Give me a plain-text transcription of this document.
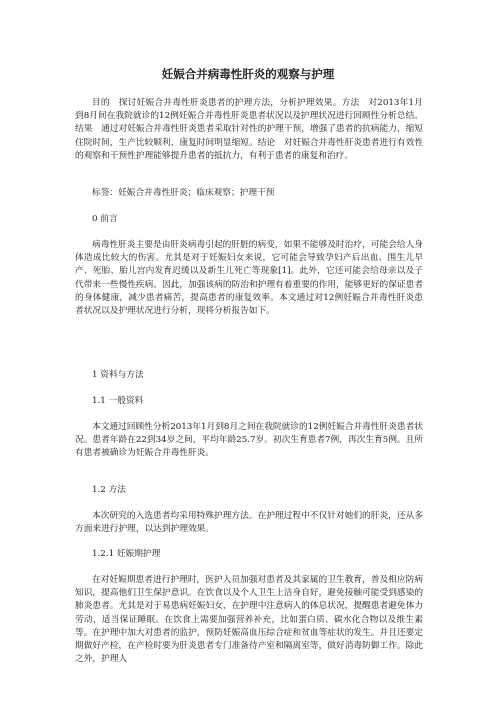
妊娠合并病毒性肝炎的观察与护理

目的　探讨妊娠合并毒性肝炎患者的护理方法，分析护理效果。方法　对2013年1月到8月间在我院就诊的12例妊娠合并毒性肝炎患者状况以及护理状况进行回顾性分析总结。结果　通过对妊娠合并毒性肝炎患者采取针对性的护理干预，增强了患者的抗病能力，缩短住院时间，生产比较顺利，康复时间明显缩短。结论　对妊娠合并毒性肝炎患者进行有效性的观察和干预性护理能够提升患者的抵抗力，有利于患者的康复和治疗。

标签：妊娠合并毒性肝炎；临床观察；护理干预

0 前言

病毒性肝炎主要是由肝炎病毒引起的肝脏的病变，如果不能够及时治疗，可能会给人身体造成比较大的伤害。尤其是对于妊娠妇女来说，它可能会导致孕妇产后出血、围生儿早产、死胎、胎儿宫内发育迟缓以及新生儿死亡等现象[1]。此外，它还可能会给母亲以及子代带来一些慢性疾病。因此，加强该病的防治和护理有着重要的作用，能够更好的保证患者的身体健康，减少患者痛苦，提高患者的康复效率。本文通过对12例妊娠合并毒性肝炎患者状况以及护理状况进行分析，现将分析报告如下。

1 资料与方法

1.1 一般资料

本文通过回顾性分析2013年1月到8月之间在我院就诊的12例妊娠合并毒性肝炎患者状况。患者年龄在22到34岁之间，平均年龄25.7岁。初次生育患者7例，再次生育5例。且所有患者被确诊为妊娠合并毒性肝炎。

1.2 方法

本次研究的入选患者均采用特殊护理方法。在护理过程中不仅针对她们的肝炎，还从多方面来进行护理，以达到护理效果。

1.2.1 妊娠期护理

在对妊娠期患者进行护理时，医护人员加强对患者及其家属的卫生教育，普及相应防病知识，提高他们卫生保护意识。在饮食以及个人卫生上洁身自好，避免接触可能受到感染的肺炎患者。尤其是对于易患病妊娠妇女，在护理中注意病人的体息状况，提醒患者避免体力劳动，适当保证睡眠。在饮食上需要加强营养补充，比如蛋白质、碳水化合物以及维生素等。在护理中加大对患者的监护，预防妊娠高血压综合症和贫血等症状的发生。并且还要定期做好产检，在产检时要为肝炎患者专门准备待产室和隔离室等，做好消毒防御工作。除此之外，护理人
